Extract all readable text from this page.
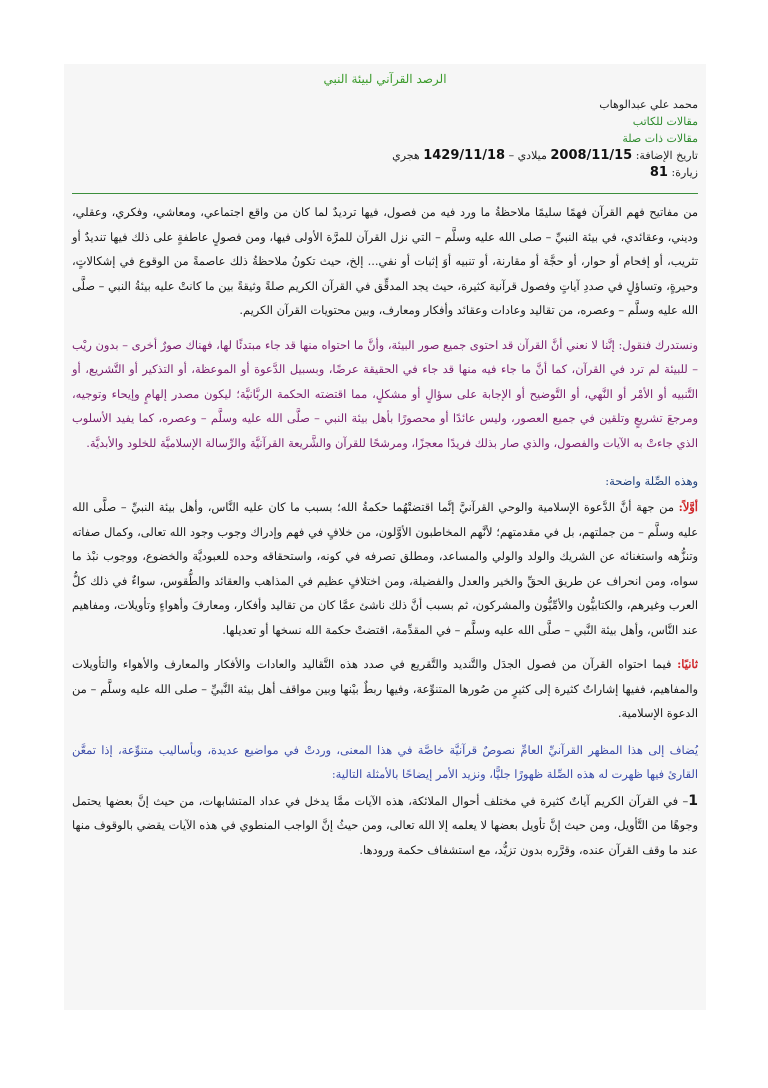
الرصد القرآني لبيئة النبي
محمد علي عبدالوهاب
مقالات للكاتب
مقالات ذات صلة
تاريخ الإضافة: 2008/11/15 ميلادي – 1429/11/18 هجري
زيارة: 81

من مفاتيح فهم القرآن فهمًا سليمًا ملاحظةُ ما ورد فيه من فصول، فيها ترديدٌ لما كان من واقع اجتماعي، ومعاشي، وفكري، وعقلي، وديني، وعقائدي، في بيئة النبيِّ – صلى الله عليه وسلَّم – التي نزل القرآن للمرَّة الأولى فيها، ومن فصولٍ عاطفةٍ على ذلك فيها تنديدٌ أو تثريب، أو إفحام أو حوار، أو حجَّة أو مقارنة، أو تنبيه أوَ إثبات أو نفي... إلخ، حيث تكونُ ملاحظةُ ذلك عاصمةً من الوقوع في إشكالاتٍ، وحيرةٍ، وتساؤلٍ في صددِ آياتٍ وفصول قرآنية كثيرة، حيث يجد المدقِّق في القرآن الكريم صلةً وثيقةً بين ما كانتْ عليه بيئةُ النبي – صلَّى الله عليه وسلَّم – وعصره، من تقاليد وعادات وعقائد وأفكار ومعارف، وبين محتويات القرآن الكريم.

ونستدرك فنقول: إنَّنا لا نعني أنَّ القرآن قد احتوى جميع صور البيئة، وأنَّ ما احتواه منها قد جاء مبتدئًا لها، فهناك صورٌ أخرى – بدون ريْب – للبيئة لم ترد في القرآن، كما أنَّ ما جاء فيه منها قد جاء في الحقيقة عرضًا، وبسبيل الدَّعوة أو الموعظة، أو التذكير أو التَّشريع، أو التَّنبيه أو الأمْر أو النَّهي، أو التَّوضيح أو الإجابة على سؤالٍ أو مشكلٍ، مما اقتضته الحكمة الربَّانيَّة؛ ليكون مصدر إلهامٍ وإيحاء وتوجيه، ومرجعَ تشريعٍ وتلقين في جميع العصور، وليس عائدًا أو محصورًا بأهل بيئة النبي – صلَّى الله عليه وسلَّم – وعصره، كما يفيد الأسلوب الذي جاءتْ به الآيات والفصول، والذي صار بذلك فريدًا معجزًا، ومرشحًا للقرآن والشَّريعة القرآنيَّة والرِّسالة الإسلاميَّة للخلود والأبديَّة.

وهذه الصِّلة واضحة:

أوَّلاً: من جهة أنَّ الدَّعوة الإسلامية والوحي القرآنيَّ إنَّما اقتضتْهُما حكمةُ الله؛ بسبب ما كان عليه النَّاس، وأهل بيئة النبيِّ – صلَّى الله عليه وسلَّم – من جملتهم، بل في مقدمتهم؛ لأنَّهم المخاطبون الأوَّلون، من خلافٍ في فهم وإدراك وجوب وجود الله تعالى، وكمال صفاته وتنزُّهه واستغنائه عن الشريك والولد والولي والمساعد، ومطلق تصرفه في كونه، واستحقاقه وحده للعبوديَّة والخضوع، ووجوب نبْذ ما سواه، ومن انحراف عن طريق الحقِّ والخير والعدل والفضيلة، ومن اختلافٍ عظيم في المذاهب والعقائد والطُّقوس، سواءٌ في ذلك كلُّ العرب وغيرهم، والكتابيُّون والأمِّيُّون والمشركون، ثم بسبب أنَّ ذلك ناشئ عمَّا كان من تقاليد وأفكار، ومعارفَ وأهواءٍ وتأويلات، ومفاهيم عند النَّاس، وأهل بيئة النَّبي – صلَّى الله عليه وسلَّم – في المقدِّمة، اقتضتْ حكمة الله نسخها أو تعديلها.

ثانيًا: فيما احتواه القرآن من فصول الجدَل والتَّنديد والتَّقريع في صدد هذه التَّقاليد والعادات والأفكار والمعارف والأهواء والتأويلات والمفاهيم، ففيها إشاراتٌ كثيرة إلى كثيرٍ من صُورها المتنوِّعة، وفيها ربطٌ بيْنها وبين مواقف أهل بيئة النَّبيِّ – صلى الله عليه وسلَّم – من الدعوة الإسلامية.

يُضاف إلى هذا المظهر القرآنيِّ العامِّ نصوصٌ قرآنيَّة خاصَّة في هذا المعنى، وردتْ في مواضيع عديدة، وبأساليب متنوِّعة، إذا تمعَّن القارئ فيها ظهرت له هذه الصِّلة ظهورًا جليًّا، ونزيد الأمر إيضاحًا بالأمثلة التالية:

1– في القرآن الكريم آياتٌ كثيرة في مختلف أحوال الملائكة، هذه الآيات ممَّا يدخل في عداد المتشابهات، من حيث إنَّ بعضها يحتمل وجوهًا من التَّأويل، ومن حيث إنَّ تأويل بعضها لا يعلمه إلا الله تعالى، ومن حيثُ إنَّ الواجب المنطوي في هذه الآيات يقضي بالوقوف منها عند ما وقف القرآن عنده، وقرَّره بدون تزيُّد، مع استشفاف حكمة ورودها.
